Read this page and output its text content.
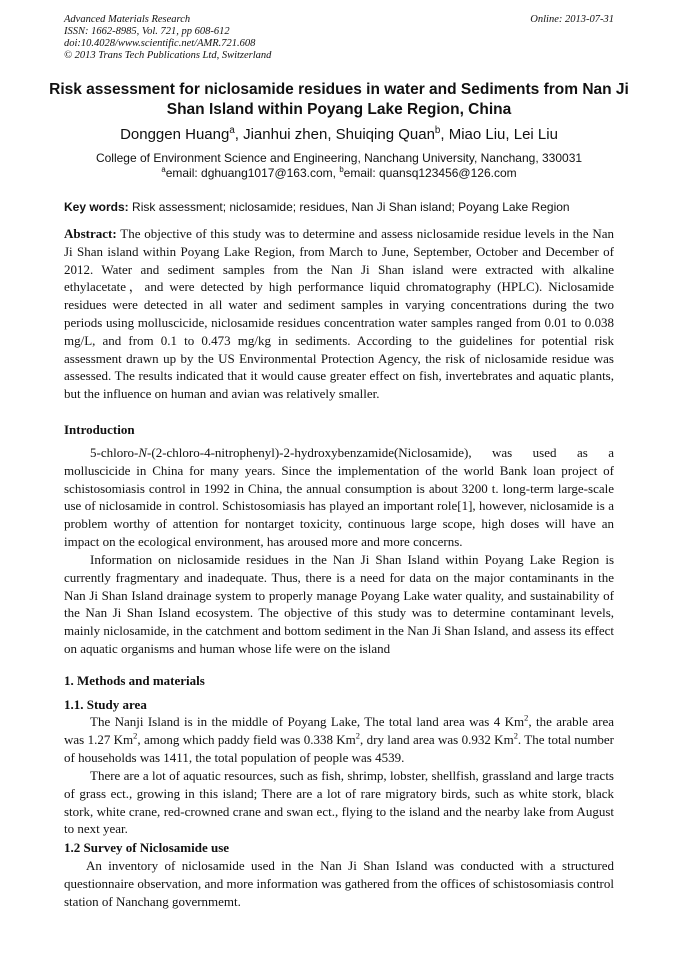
Advanced Materials Research
ISSN: 1662-8985, Vol. 721, pp 608-612
doi:10.4028/www.scientific.net/AMR.721.608
© 2013 Trans Tech Publications Ltd, Switzerland
Online: 2013-07-31
Risk assessment for niclosamide residues in water and Sediments from Nan Ji Shan Island within Poyang Lake Region, China
Donggen Huang$^a$, Jianhui zhen, Shuiqing Quan$^b$, Miao Liu, Lei Liu
College of Environment Science and Engineering, Nanchang University, Nanchang, 330031
$^a$email: dghuang1017@163.com, $^b$email: quansq123456@126.com
Key words: Risk assessment; niclosamide; residues, Nan Ji Shan island; Poyang Lake Region
Abstract: The objective of this study was to determine and assess niclosamide residue levels in the Nan Ji Shan island within Poyang Lake Region, from March to June, September, October and December of 2012. Water and sediment samples from the Nan Ji Shan island were extracted with alkaline ethylacetate，and were detected by high performance liquid chromatography (HPLC). Niclosamide residues were detected in all water and sediment samples in varying concentrations during the two periods using molluscicide, niclosamide residues concentration water samples ranged from 0.01 to 0.038 mg/L, and from 0.1 to 0.473 mg/kg in sediments. According to the guidelines for potential risk assessment drawn up by the US Environmental Protection Agency, the risk of niclosamide residue was assessed. The results indicated that it would cause greater effect on fish, invertebrates and aquatic plants, but the influence on human and avian was relatively smaller.
Introduction
5-chloro-N-(2-chloro-4-nitrophenyl)-2-hydroxybenzamide(Niclosamide), was used as a molluscicide in China for many years. Since the implementation of the world Bank loan project of schistosomiasis control in 1992 in China, the annual consumption is about 3200 t. long-term large-scale use of niclosamide in control. Schistosomiasis has played an important role[1], however, niclosamide is a problem worthy of attention for nontarget toxicity, continuous large scope, high doses will have an impact on the ecological environment, has aroused more and more concerns.
Information on niclosamide residues in the Nan Ji Shan Island within Poyang Lake Region is currently fragmentary and inadequate. Thus, there is a need for data on the major contaminants in the Nan Ji Shan Island drainage system to properly manage Poyang Lake water quality, and sustainability of the Nan Ji Shan Island ecosystem. The objective of this study was to determine contaminant levels, mainly niclosamide, in the catchment and bottom sediment in the Nan Ji Shan Island, and assess its effect on aquatic organisms and human whose life were on the island
1. Methods and materials
1.1. Study area
The Nanji Island is in the middle of Poyang Lake, The total land area was 4 Km$^2$, the arable area was 1.27 Km$^2$, among which paddy field was 0.338 Km$^2$, dry land area was 0.932 Km$^2$. The total number of households was 1411, the total population of people was 4539.
There are a lot of aquatic resources, such as fish, shrimp, lobster, shellfish, grassland and large tracts of grass ect., growing in this island; There are a lot of rare migratory birds, such as white stork, black stork, white crane, red-crowned crane and swan ect., flying to the island and the nearby lake from August to next year.
1.2 Survey of Niclosamide use
An inventory of niclosamide used in the Nan Ji Shan Island was conducted with a structured questionnaire observation, and more information was gathered from the offices of schistosomiasis control station of Nanchang governmemt.
